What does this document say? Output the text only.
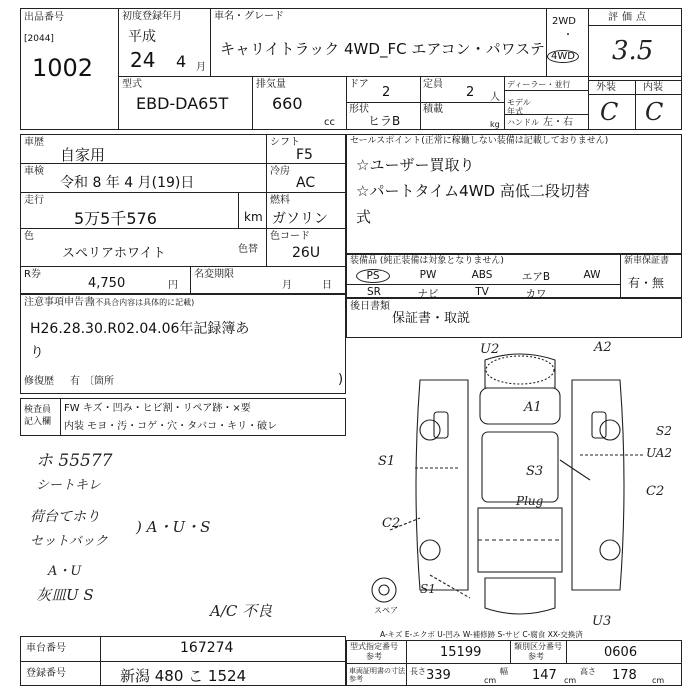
出品番号
[2044]
1002
初度登録年月
平成
24 4 月
車名・グレード
キャリイトラック 4WD_FC エアコン・パワステ
2WD
・
4WD
評価点
3.5
型式
EBD-DA65T
排気量
660
cc
ドア
2
定員
2 人
形状
ヒラB
積載
kg
ディーラー・並行
モデル年式
ハンドル 左・右
外装	内装
C C
車歴
自家用
車検
令和 8 年 4 月(19)日
走行
5万5千576	km
シフト
F5
冷房
AC
燃料
ガソリン
色
スペリアホワイト	色替
色コード
26U
R券
4,750	円
名変期限
月	日
セールスポイント(正常に稼働しない装備は記載しておりません)
☆ユーザー買取り
☆パートタイム4WD 高低二段切替
式
装備品 (純正装備は対象となりません)
PS	PW	ABS	エアB	AW
SR	ナビ	TV	カワ
新車保証書
有・無
注意事項申告書
(不具合内容は具体的に記載)
H26.28.30.R02.04.06年記録簿あ
り
修復歴 有 〔箇所	)
後日書類
保証書・取説
検査員記入欄
FW キズ・凹み・ヒビ割・リペア跡・×要
内装 モヨ・汚・コゲ・穴・タバコ・キリ・破レ
ホ 55577
シートキレ
荷台てホり
セットバック
) A・U・S
A・U
灰皿U S
A/C 不良
U2	A2
A1
S2
UA2
S1
S3
Plug
C2
C2
S1
U3
スペア
A-キズ E-エクボ U-凹み W-補修跡 S-サビ C-腐食 XX-交換済
車台番号	167274
登録番号	新潟 480 こ 1524
型式指定番号
参考	15199	類別区分番号
参考	0606
車両証明書の寸法参考
長さ 339	cm
幅 147 cm
高さ 178 cm
